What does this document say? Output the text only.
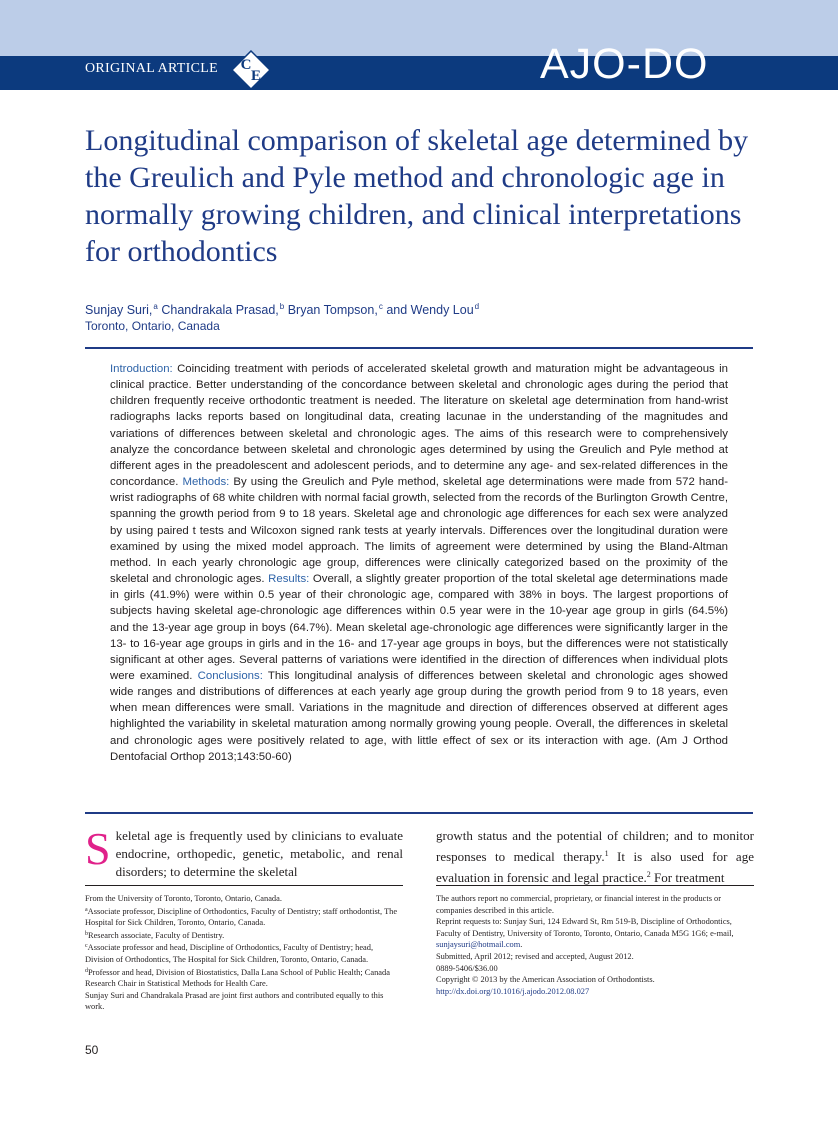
ORIGINAL ARTICLE C
E	AJO-DO
Longitudinal comparison of skeletal age determined by the Greulich and Pyle method and chronologic age in normally growing children, and clinical interpretations for orthodontics
Sunjay Suri,$^a$ Chandrakala Prasad,$^b$ Bryan Tompson,$^c$ and Wendy Lou$^d$
Toronto, Ontario, Canada
Introduction: Coinciding treatment with periods of accelerated skeletal growth and maturation might be advantageous in clinical practice. Better understanding of the concordance between skeletal and chronologic ages during the period that children frequently receive orthodontic treatment is needed. The literature on skeletal age determination from hand-wrist radiographs lacks reports based on longitudinal data, creating lacunae in the understanding of the magnitudes and variations of differences between skeletal and chronologic ages. The aims of this research were to comprehensively analyze the concordance between skeletal and chronologic ages determined by using the Greulich and Pyle method at different ages in the preadolescent and adolescent periods, and to determine any age- and sex-related differences in the concordance. Methods: By using the Greulich and Pyle method, skeletal age determinations were made from 572 hand-wrist radiographs of 68 white children with normal facial growth, selected from the records of the Burlington Growth Centre, spanning the growth period from 9 to 18 years. Skeletal age and chronologic age differences for each sex were analyzed by using paired t tests and Wilcoxon signed rank tests at yearly intervals. Differences over the longitudinal duration were examined by using the mixed model approach. The limits of agreement were determined by using the Bland-Altman method. In each yearly chronologic age group, differences were clinically categorized based on the proximity of the skeletal and chronologic ages. Results: Overall, a slightly greater proportion of the total skeletal age determinations made in girls (41.9%) were within 0.5 year of their chronologic age, compared with 38% in boys. The largest proportions of subjects having skeletal age-chronologic age differences within 0.5 year were in the 10-year age group in girls (64.5%) and the 13-year age group in boys (64.7%). Mean skeletal age-chronologic age differences were significantly larger in the 13- to 16-year age groups in girls and in the 16- and 17-year age groups in boys, but the differences were not statistically significant at other ages. Several patterns of variations were identified in the direction of differences when individual plots were examined. Conclusions: This longitudinal analysis of differences between skeletal and chronologic ages showed wide ranges and distributions of differences at each yearly age group during the growth period from 9 to 18 years, even when mean differences were small. Variations in the magnitude and direction of differences observed at different ages highlighted the variability in skeletal maturation among normally growing young people. Overall, the differences in skeletal and chronologic ages were positively related to age, with little effect of sex or its interaction with age. (Am J Orthod Dentofacial Orthop 2013;143:50-60)
Skeletal age is frequently used by clinicians to evaluate endocrine, orthopedic, genetic, metabolic, and renal disorders; to determine the skeletal
growth status and the potential of children; and to monitor responses to medical therapy.$^1$ It is also used for age evaluation in forensic and legal practice.$^2$ For treatment
From the University of Toronto, Toronto, Ontario, Canada.
$^a$Associate professor, Discipline of Orthodontics, Faculty of Dentistry; staff orthodontist, The Hospital for Sick Children, Toronto, Ontario, Canada.
$^b$Research associate, Faculty of Dentistry.
$^c$Associate professor and head, Discipline of Orthodontics, Faculty of Dentistry; head, Division of Orthodontics, The Hospital for Sick Children, Toronto, Ontario, Canada.
$^d$Professor and head, Division of Biostatistics, Dalla Lana School of Public Health; Canada Research Chair in Statistical Methods for Health Care.
Sunjay Suri and Chandrakala Prasad are joint first authors and contributed equally to this work.
The authors report no commercial, proprietary, or financial interest in the products or companies described in this article.
Reprint requests to: Sunjay Suri, 124 Edward St, Rm 519-B, Discipline of Orthodontics, Faculty of Dentistry, University of Toronto, Toronto, Ontario, Canada M5G 1G6; e-mail, sunjaysuri@hotmail.com.
Submitted, April 2012; revised and accepted, August 2012.
0889-5406/$36.00
Copyright © 2013 by the American Association of Orthodontists.
http://dx.doi.org/10.1016/j.ajodo.2012.08.027
50
